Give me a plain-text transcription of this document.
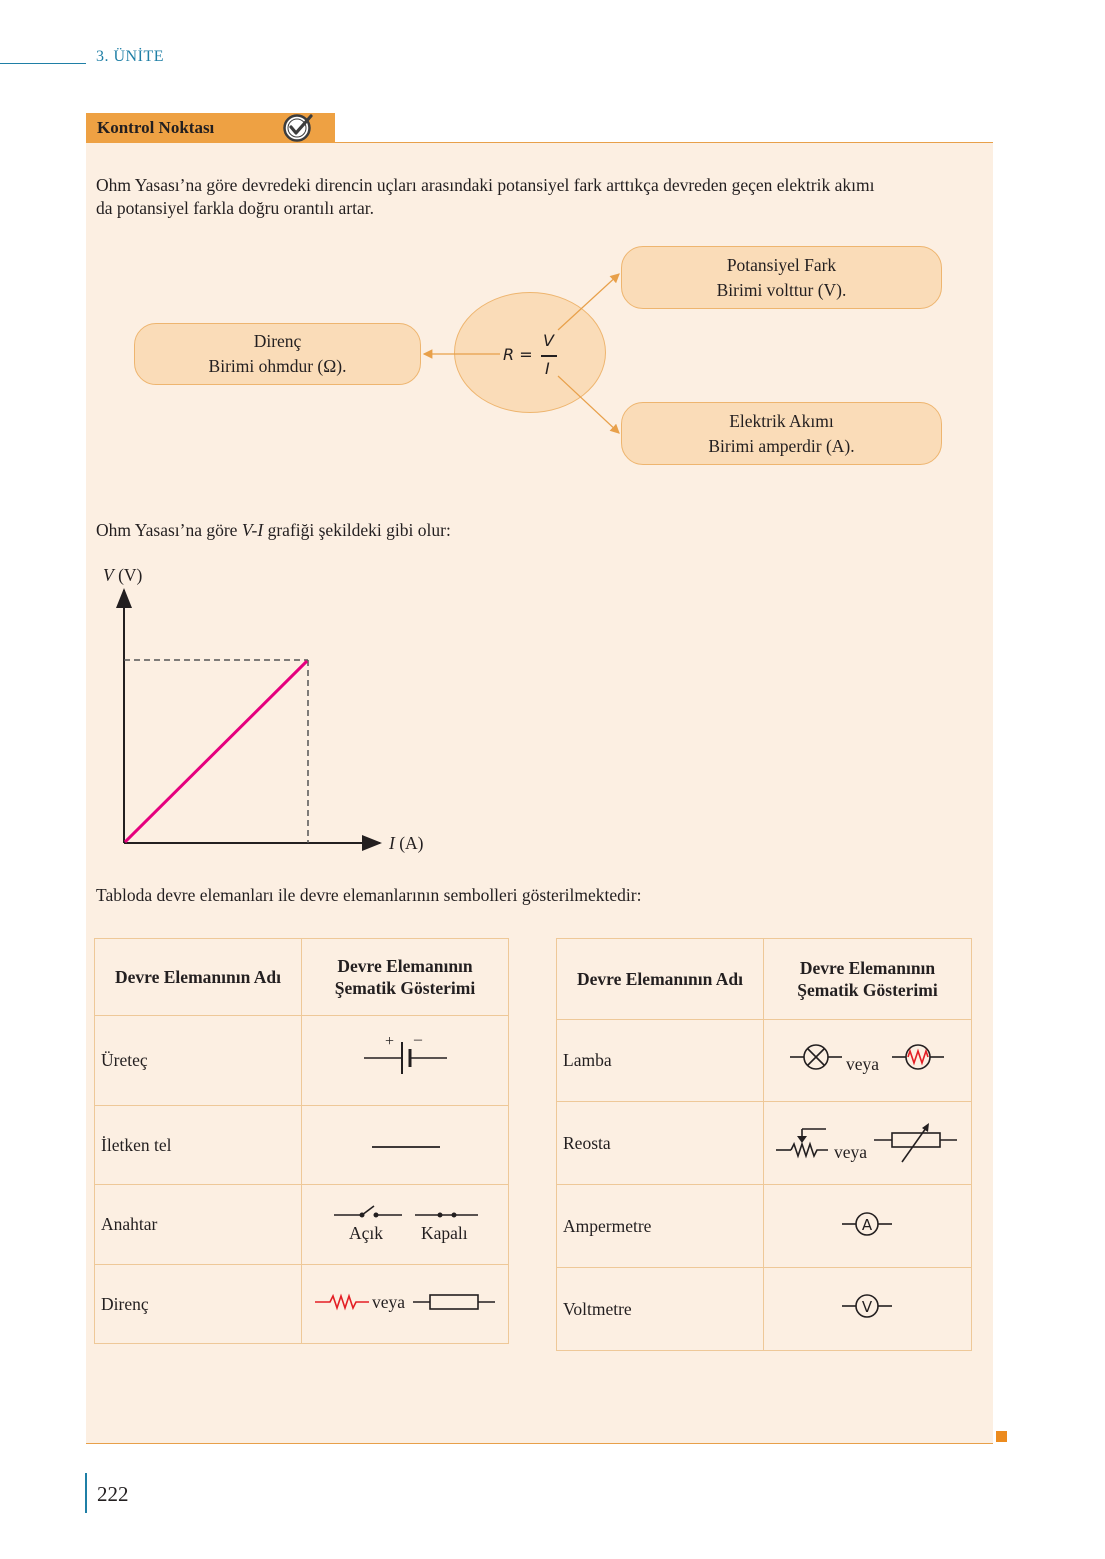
3. ÜNİTE
Kontrol Noktası
Ohm Yasası’na göre devredeki direncin uçları arasındaki potansiyel fark arttıkça devreden geçen elektrik akımı
da potansiyel farkla doğru orantılı artar.
R =
V
I
Direnç
Birimi ohmdur (Ω).
Potansiyel Fark
Birimi volttur (V).
Elektrik Akımı
Birimi amperdir (A).
Ohm Yasası’na göre V-I grafiği şekildeki gibi olur:
V (V)
I (A)
Tabloda devre elemanları ile devre elemanlarının sembolleri gösterilmektedir:
Devre Elemanının Adı	Devre Elemanının
Şematik Gösterimi

Üreteç	+ –

İletken tel	
Anahtar	Açık Kapalı

Direnç	veya
Devre Elemanının Adı	Devre Elemanının
Şematik Gösterimi

Lamba	veya

Reosta	veya

Ampermetre	A

Voltmetre	V
222
